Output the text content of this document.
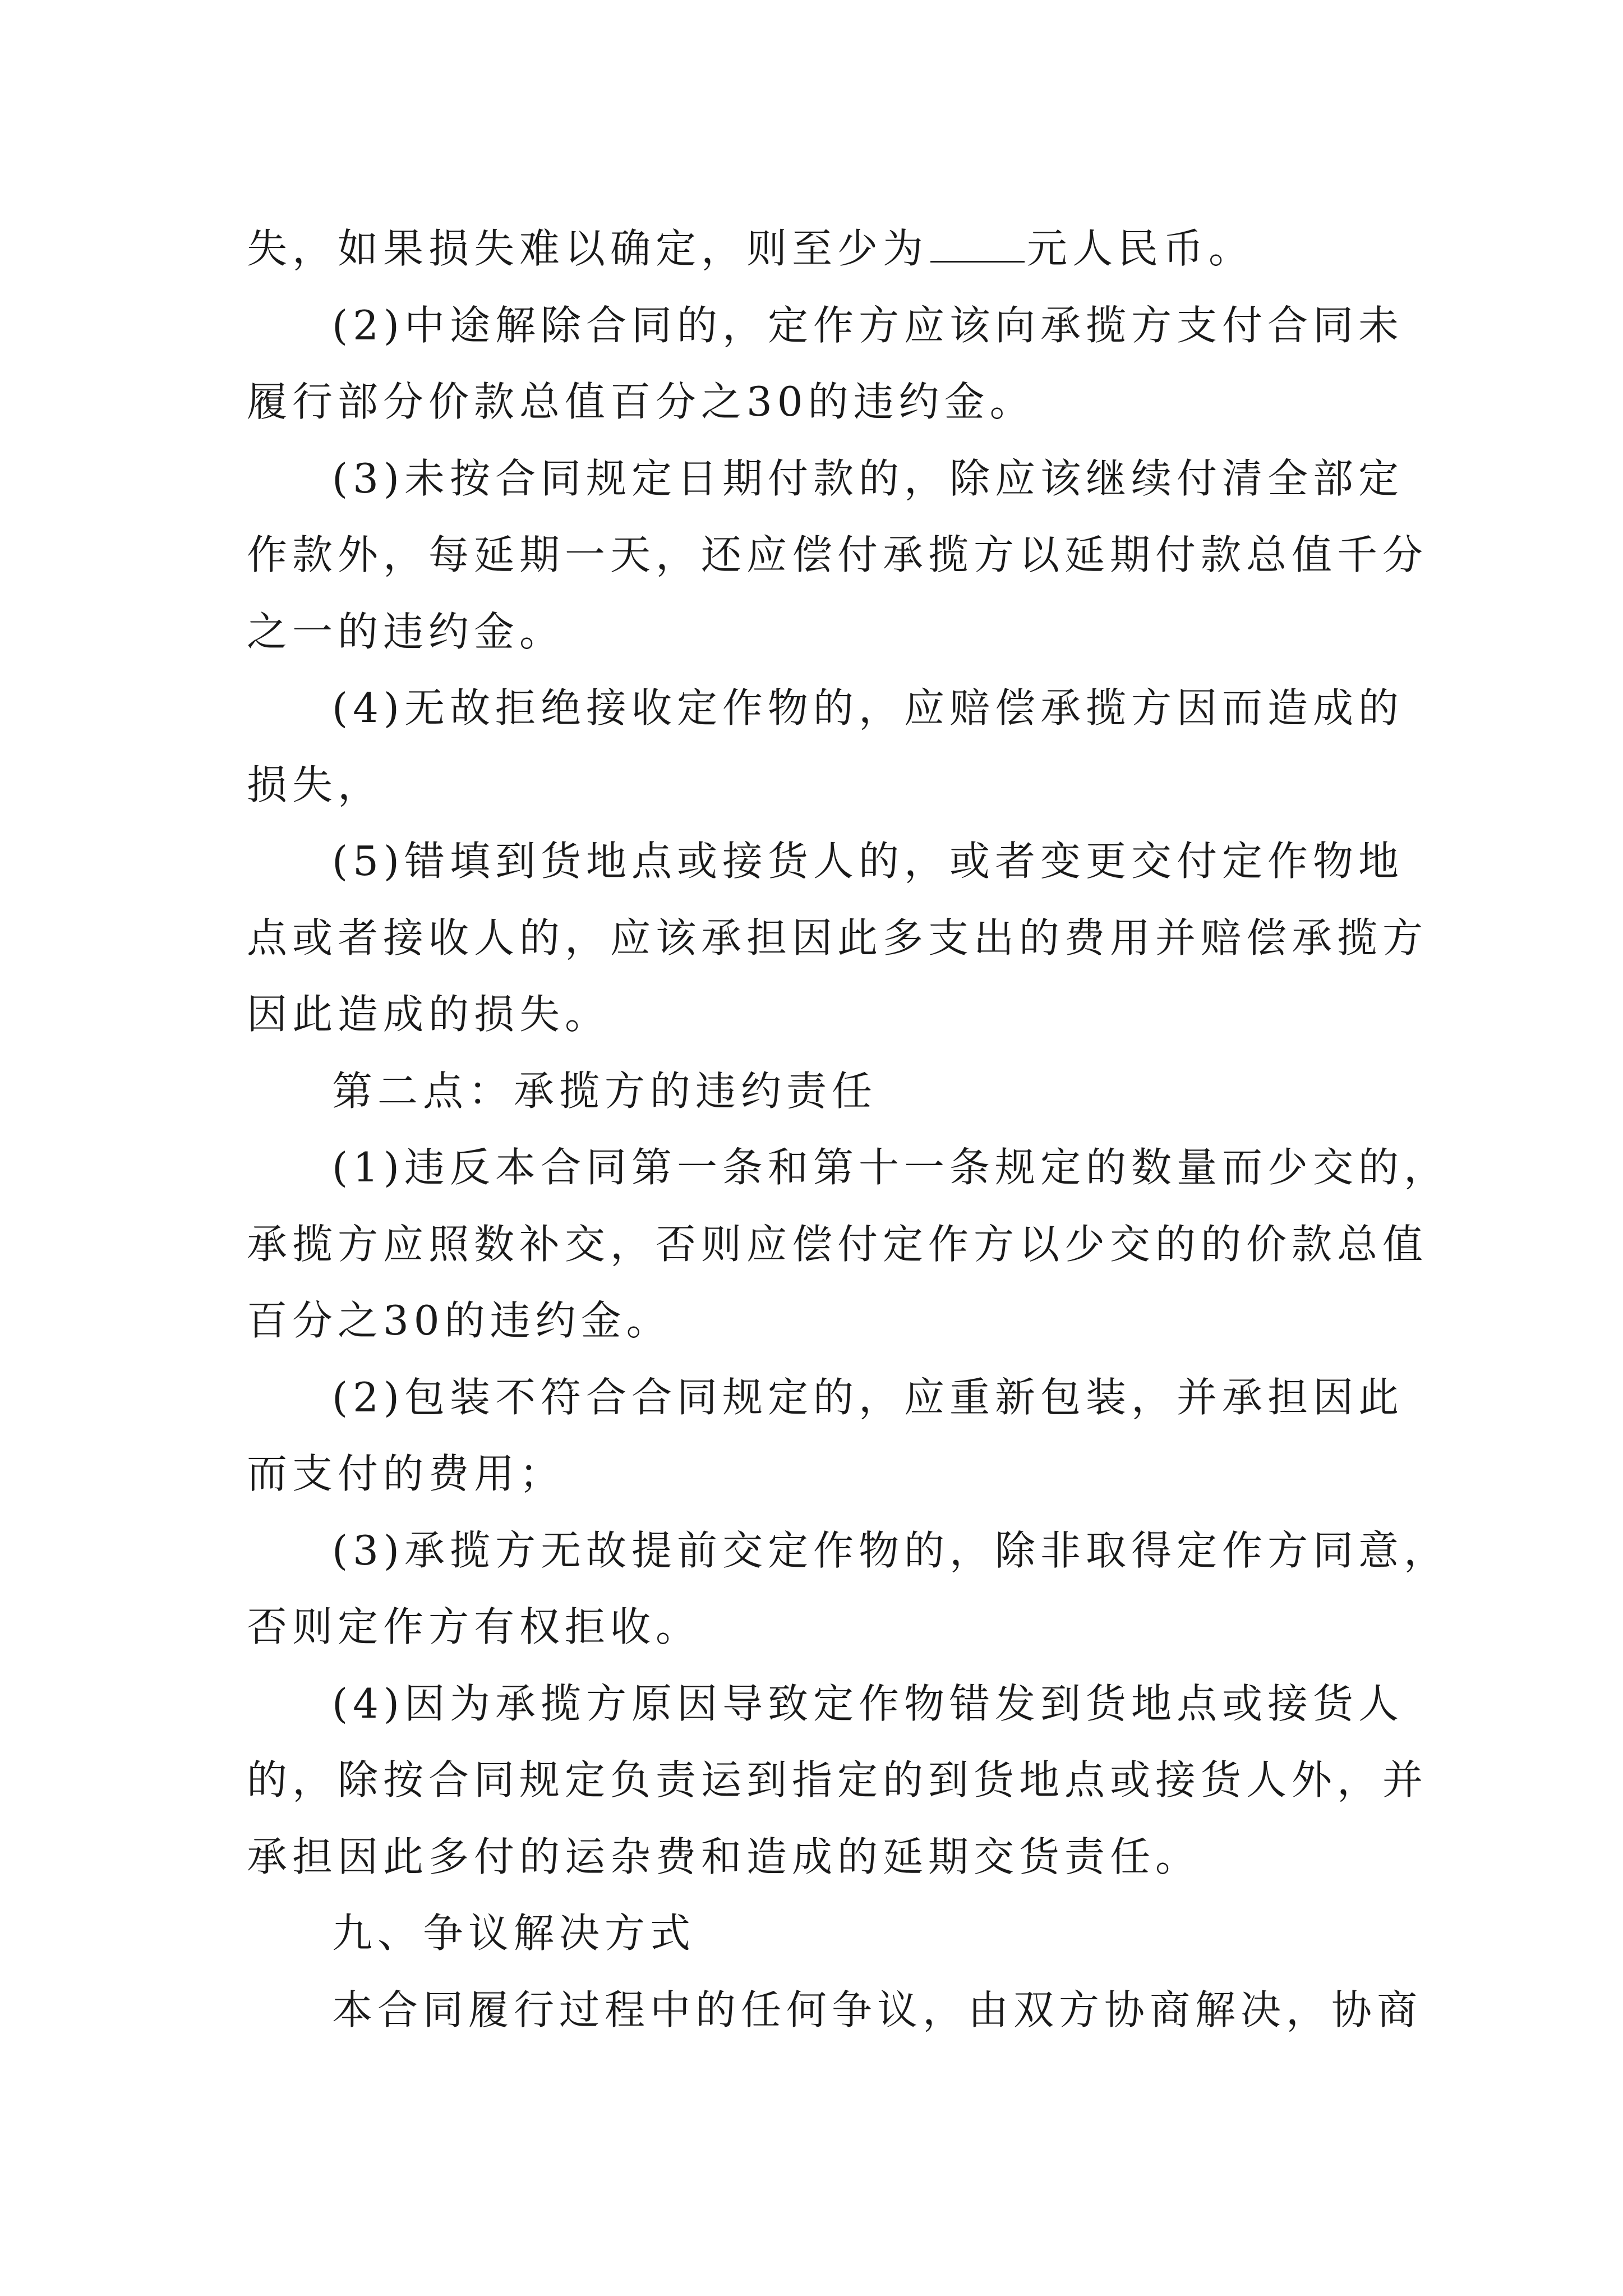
失，如果损失难以确定，则至少为 元人民币。
(2)中途解除合同的，定作方应该向承揽方支付合同未
履行部分价款总值百分之30的违约金。
(3)未按合同规定日期付款的，除应该继续付清全部定
作款外，每延期一天，还应偿付承揽方以延期付款总值千分
之一的违约金。
(4)无故拒绝接收定作物的，应赔偿承揽方因而造成的
损失，
(5)错填到货地点或接货人的，或者变更交付定作物地
点或者接收人的，应该承担因此多支出的费用并赔偿承揽方
因此造成的损失。
第二点：承揽方的违约责任
(1)违反本合同第一条和第十一条规定的数量而少交的，
承揽方应照数补交，否则应偿付定作方以少交的的价款总值
百分之30的违约金。
(2)包装不符合合同规定的，应重新包装，并承担因此
而支付的费用；
(3)承揽方无故提前交定作物的，除非取得定作方同意，
否则定作方有权拒收。
(4)因为承揽方原因导致定作物错发到货地点或接货人
的，除按合同规定负责运到指定的到货地点或接货人外，并
承担因此多付的运杂费和造成的延期交货责任。
九、争议解决方式
本合同履行过程中的任何争议，由双方协商解决，协商
